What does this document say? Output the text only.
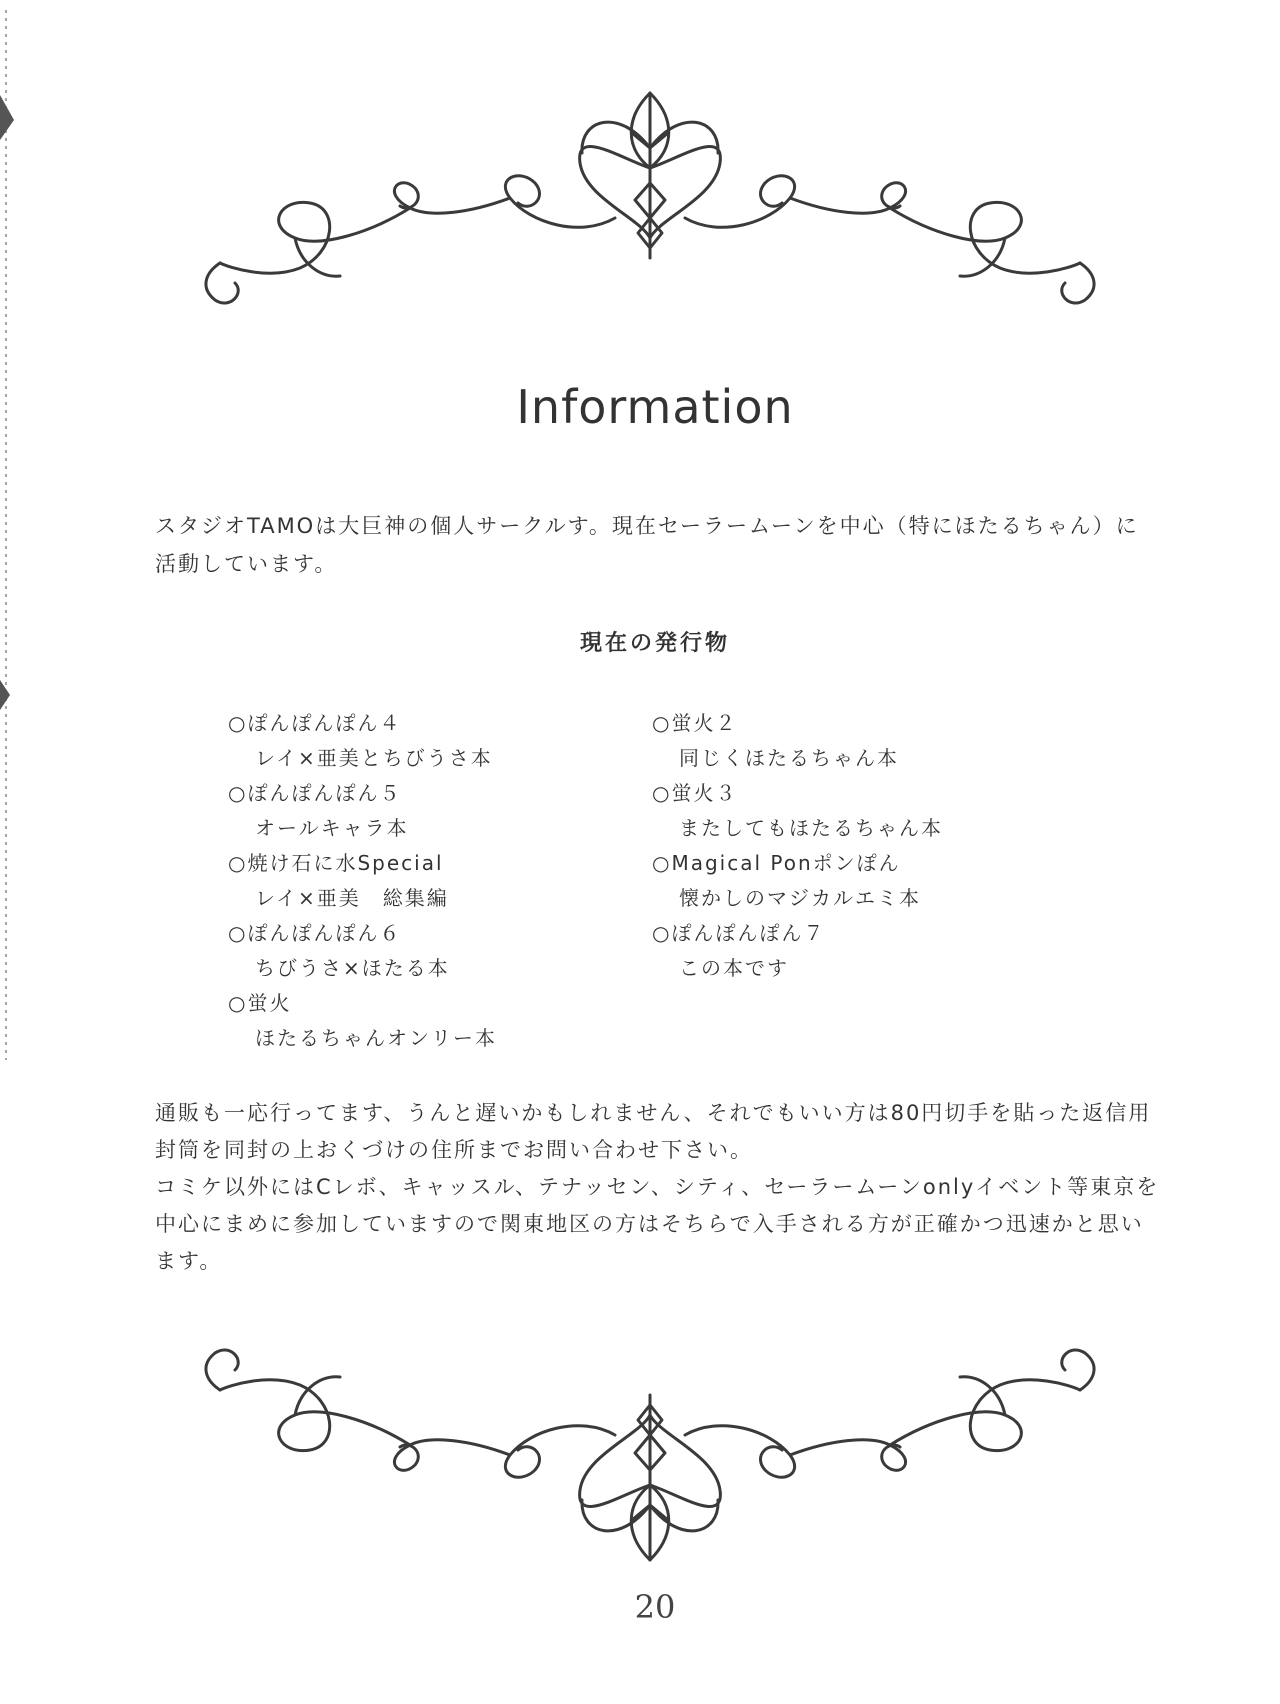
Information
スタジオTAMOは大巨神の個人サークルす。現在セーラームーンを中心（特にほたるちゃん）に活動しています。
現在の発行物
○ぽんぽんぽん４
レイ×亜美とちびうさ本
○ぽんぽんぽん５
オールキャラ本
○焼け石に水Special
レイ×亜美　総集編
○ぽんぽんぽん６
ちびうさ×ほたる本
○蛍火
ほたるちゃんオンリー本
○蛍火２
同じくほたるちゃん本
○蛍火３
またしてもほたるちゃん本
○Magical Ponポンぽん
懐かしのマジカルエミ本
○ぽんぽんぽん７
この本です

通販も一応行ってます、うんと遅いかもしれません、それでもいい方は80円切手を貼った返信用封筒を同封の上おくづけの住所までお問い合わせ下さい。

コミケ以外にはCレボ、キャッスル、テナッセン、シティ、セーラームーンonlyイベント等東京を中心にまめに参加していますので関東地区の方はそちらで入手される方が正確かつ迅速かと思います。

20
